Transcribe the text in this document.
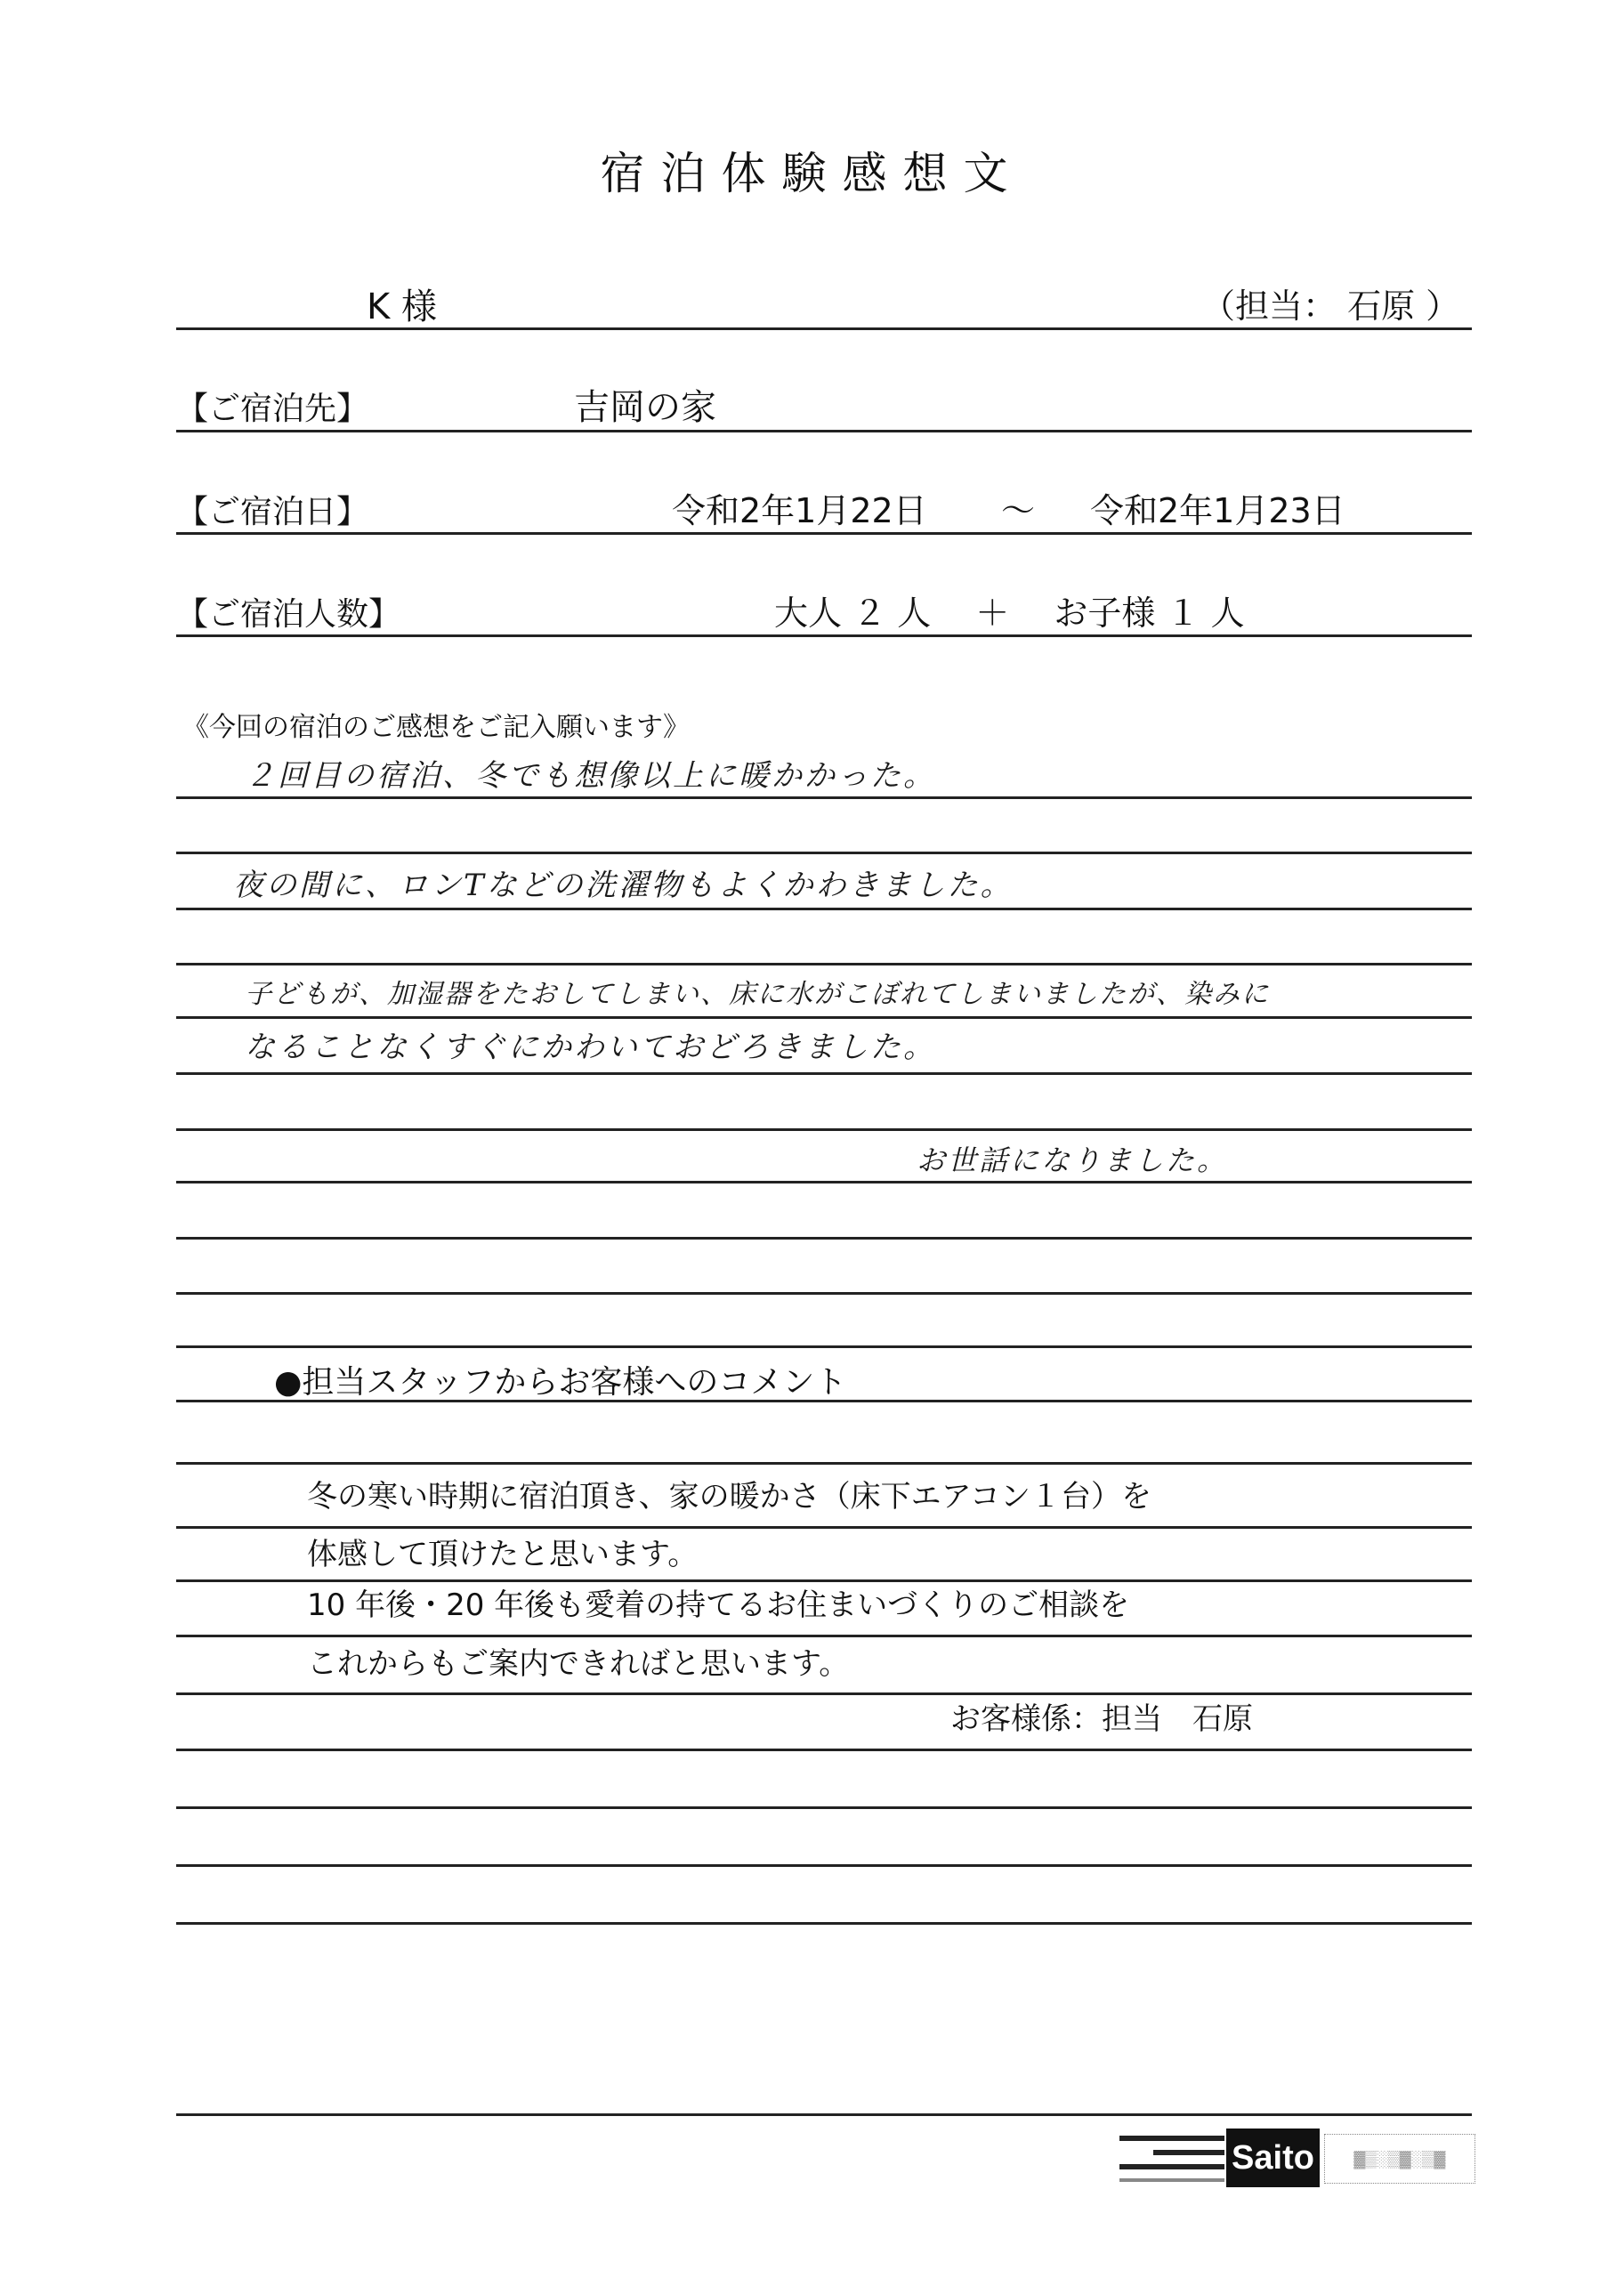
宿泊体験感想文
K 様	（担当： 石原 ）
【ご宿泊先】	吉岡の家
【ご宿泊日】	令和2年1月22日 ～ 令和2年1月23日
【ご宿泊人数】	大人 ２ 人　 ＋ 　お子様 １ 人
《今回の宿泊のご感想をご記入願います》
２回目の宿泊、冬でも想像以上に暖かかった。
夜の間に、ロンTなどの洗濯物もよくかわきました。
子どもが、加湿器をたおしてしまい、床に水がこぼれてしまいましたが、染みに
なることなくすぐにかわいておどろきました。
お世話になりました。
●担当スタッフからお客様へのコメント
冬の寒い時期に宿泊頂き、家の暖かさ（床下エアコン１台）を
体感して頂けたと思います。
10 年後・20 年後も愛着の持てるお住まいづくりのご相談を
これからもご案内できればと思います。
お客様係：担当　石原
Saito	▓▒░▒▓░▒▓
